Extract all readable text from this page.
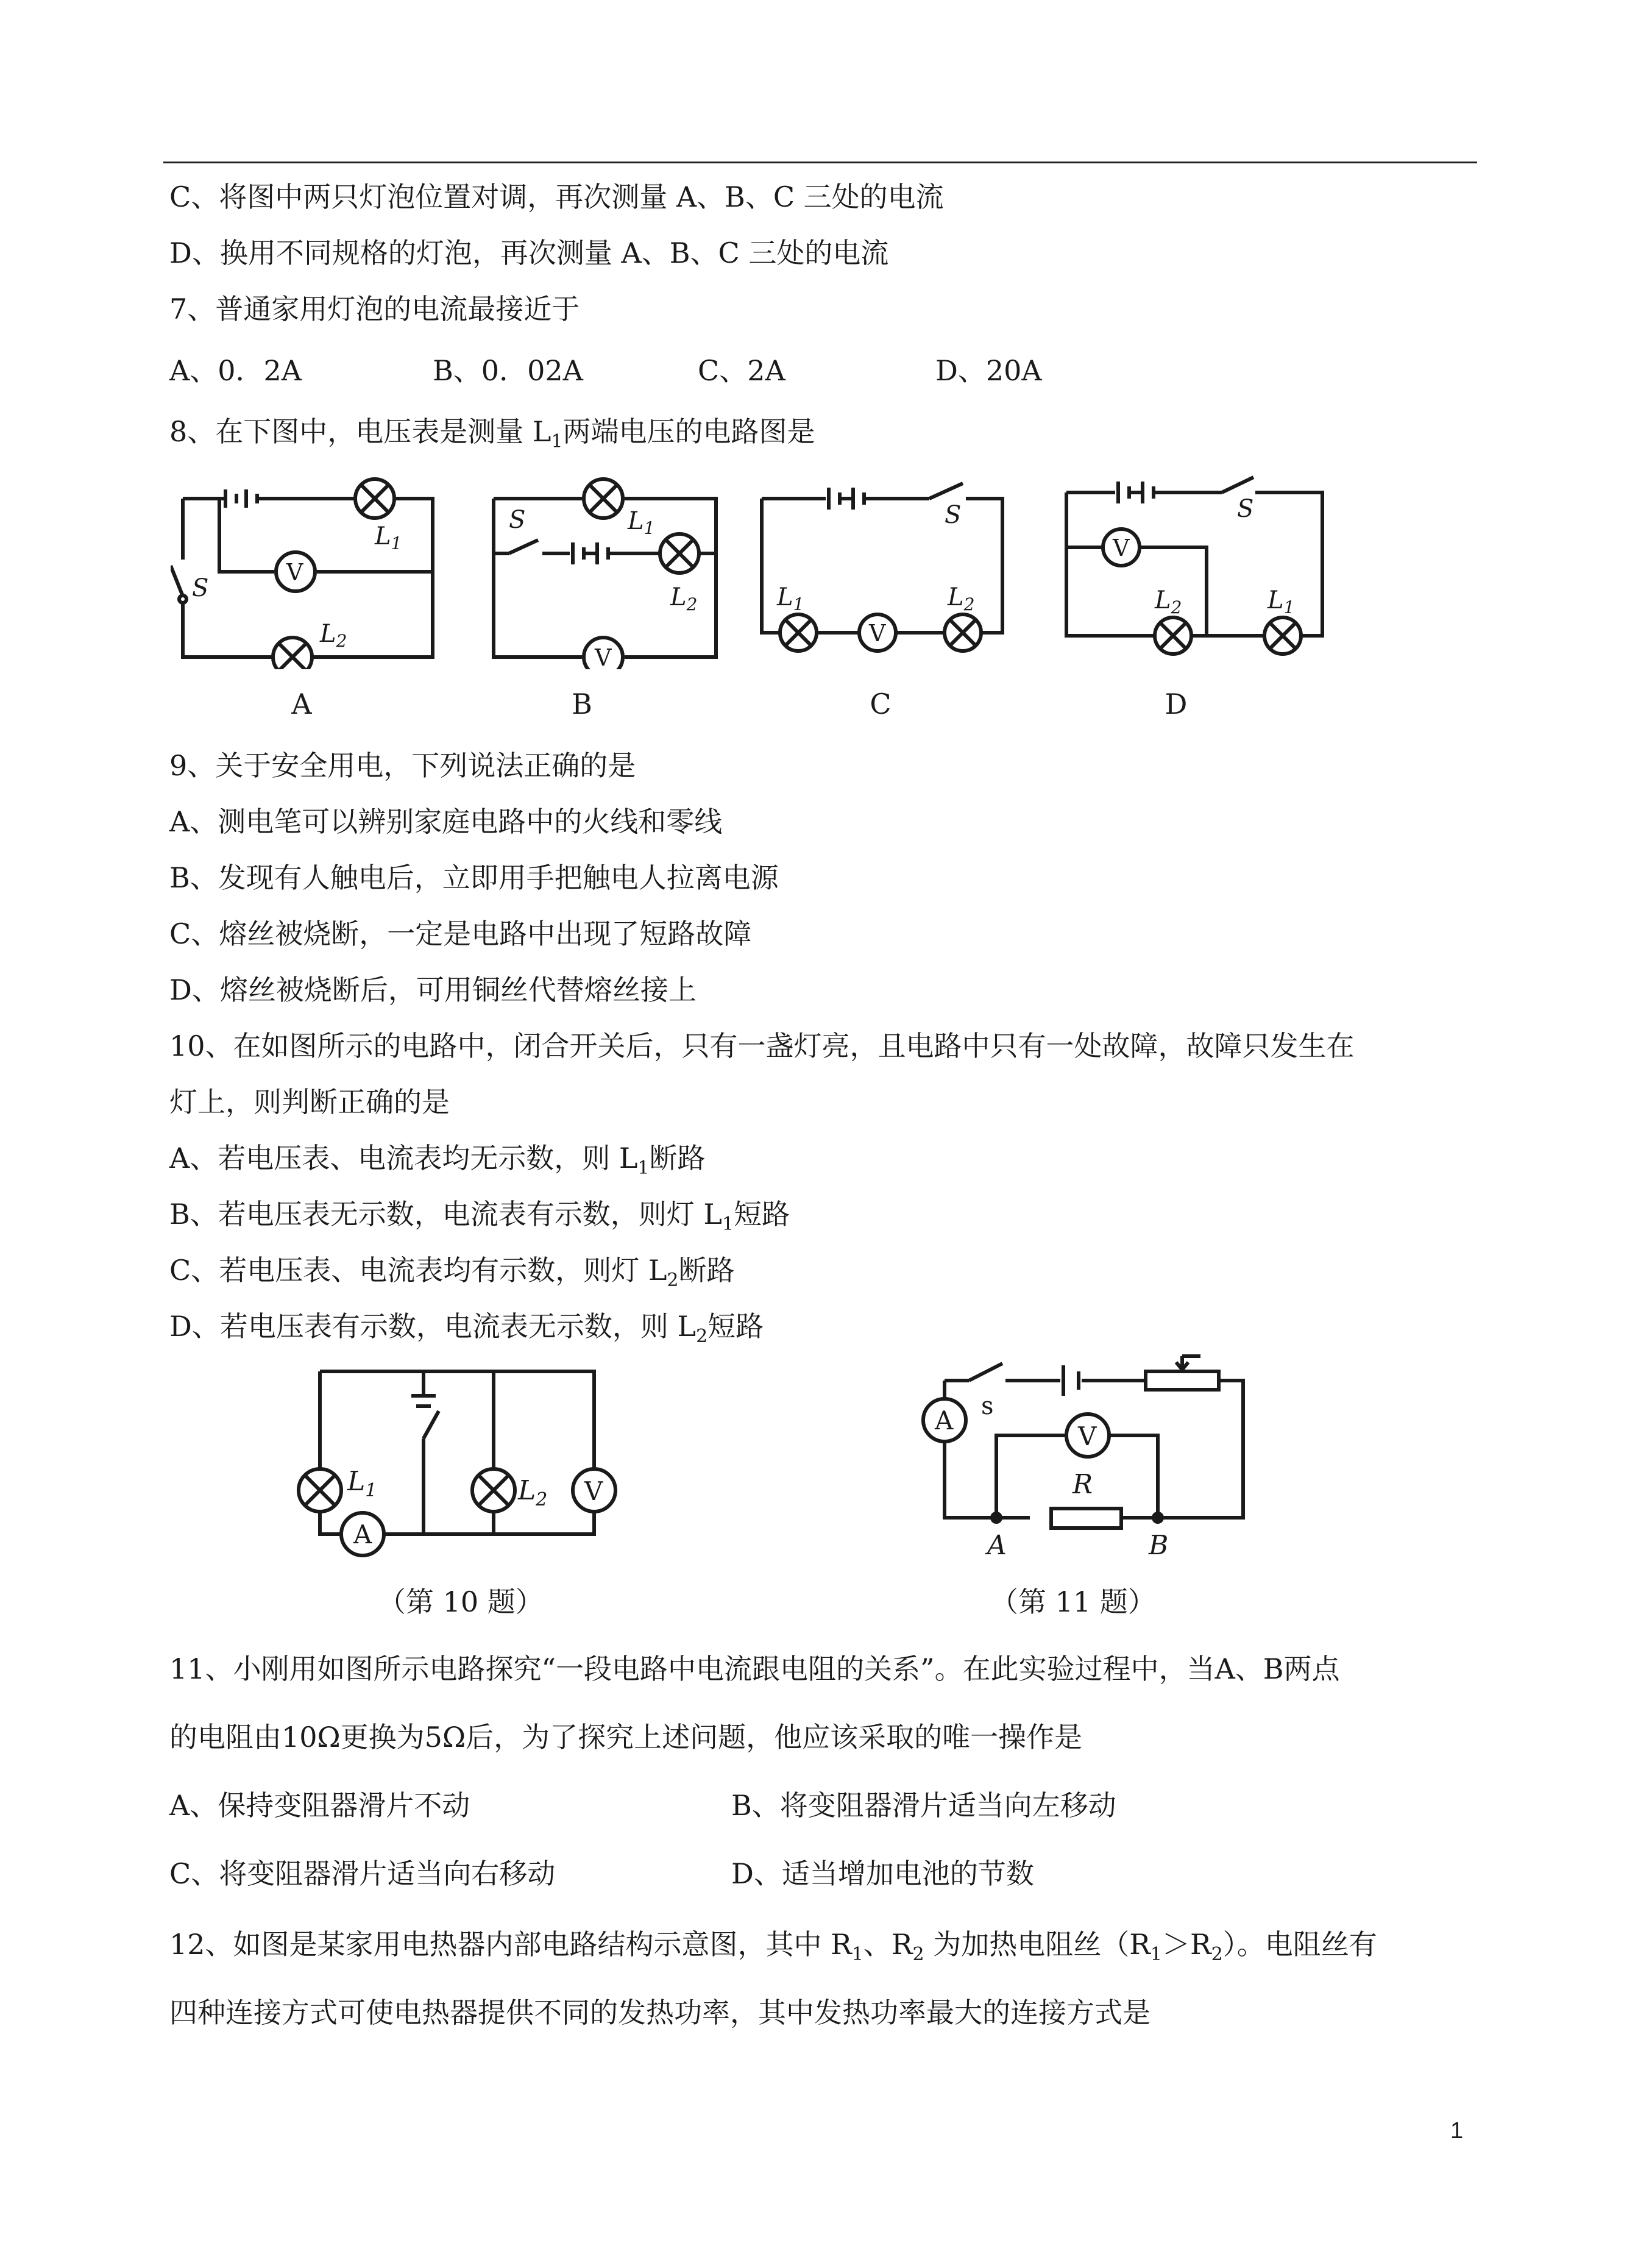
C、将图中两只灯泡位置对调，再次测量 A、B、C 三处的电流
D、换用不同规格的灯泡，再次测量 A、B、C 三处的电流
7、普通家用灯泡的电流最接近于
A、0．2A	B、0．02A	C、2A	D、20A
8、在下图中，电压表是测量 $L_1$两端电压的电路图是
$L_1$
V
$L_2$
S
A
$L_1$
S
$L_2$
V
B
S
V
$L_1$	$L_2$
C
S
V
$L_2$	$L_1$
D
9、关于安全用电，下列说法正确的是
A、测电笔可以辨别家庭电路中的火线和零线
B、发现有人触电后，立即用手把触电人拉离电源
C、熔丝被烧断，一定是电路中出现了短路故障
D、熔丝被烧断后，可用铜丝代替熔丝接上
10、在如图所示的电路中，闭合开关后，只有一盏灯亮，且电路中只有一处故障，故障只发生在
灯上，则判断正确的是
A、若电压表、电流表均无示数，则 $L_1$断路
B、若电压表无示数，电流表有示数，则灯 $L_1$短路
C、若电压表、电流表均有示数，则灯 $L_2$断路
D、若电压表有示数，电流表无示数，则 $L_2$短路
$L_1$	$L_2$ V
A
（第 10 题）
s
A
V
R
A	B
（第 11 题）
11、小刚用如图所示电路探究“一段电路中电流跟电阻的关系”。在此实验过程中，当A、B两点
的电阻由10Ω更换为5Ω后，为了探究上述问题，他应该采取的唯一操作是
A、保持变阻器滑片不动	B、将变阻器滑片适当向左移动
C、将变阻器滑片适当向右移动	D、适当增加电池的节数
12、如图是某家用电热器内部电路结构示意图，其中 $R_1$、$R_2$ 为加热电阻丝$(R_1>R_2)$。电阻丝有
四种连接方式可使电热器提供不同的发热功率，其中发热功率最大的连接方式是
1
